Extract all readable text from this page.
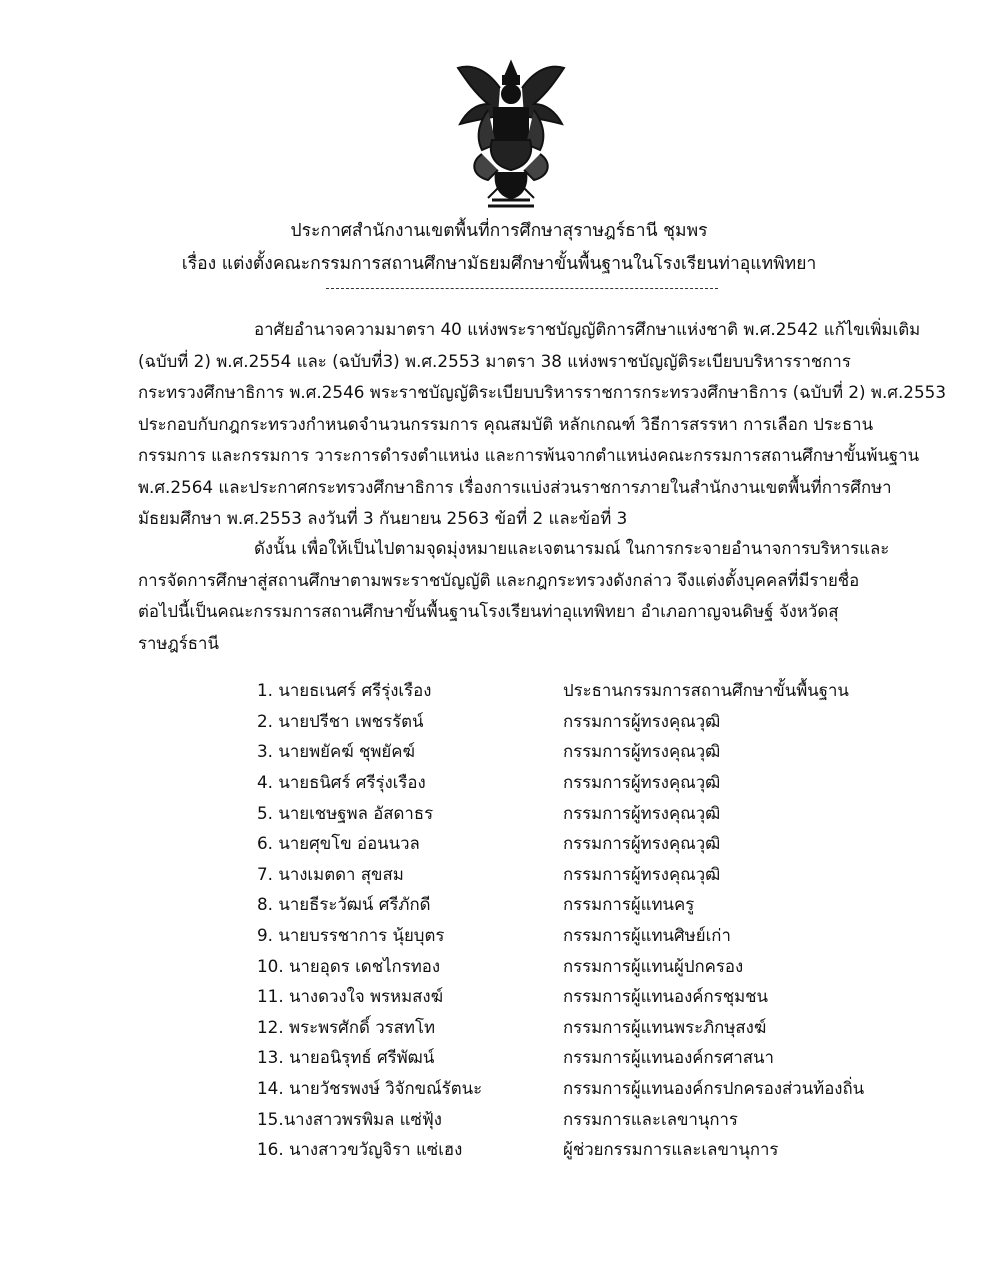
ประกาศสำนักงานเขตพื้นที่การศึกษาสุราษฎร์ธานี ชุมพร
เรื่อง แต่งตั้งคณะกรรมการสถานศึกษามัธยมศึกษาขั้นพื้นฐานในโรงเรียนท่าอุแทพิทยา

อาศัยอำนาจความมาตรา 40 แห่งพระราชบัญญัติการศึกษาแห่งชาติ พ.ศ.2542 แก้ไขเพิ่มเติม
(ฉบับที่ 2) พ.ศ.2554 และ (ฉบับที่3) พ.ศ.2553 มาตรา 38 แห่งพราชบัญญัติระเบียบบริหารราชการ
กระทรวงศึกษาธิการ พ.ศ.2546 พระราชบัญญัติระเบียบบริหารราชการกระทรวงศึกษาธิการ (ฉบับที่ 2) พ.ศ.2553
ประกอบกับกฎกระทรวงกำหนดจำนวนกรรมการ คุณสมบัติ หลักเกณฑ์ วิธีการสรรหา การเลือก ประธาน
กรรมการ และกรรมการ วาระการดำรงตำแหน่ง และการพ้นจากตำแหน่งคณะกรรมการสถานศึกษาขั้นพ้นฐาน
พ.ศ.2564 และประกาศกระทรวงศึกษาธิการ เรื่องการแบ่งส่วนราชการภายในสำนักงานเขตพื้นที่การศึกษา
มัธยมศึกษา พ.ศ.2553 ลงวันที่ 3 กันยายน 2563 ข้อที่ 2 และข้อที่ 3

ดังนั้น เพื่อให้เป็นไปตามจุดมุ่งหมายและเจตนารมณ์ ในการกระจายอำนาจการบริหารและ
การจัดการศึกษาสู่สถานศึกษาตามพระราชบัญญัติ และกฎกระทรวงดังกล่าว จึงแต่งตั้งบุคคลที่มีรายชื่อ
ต่อไปนี้เป็นคณะกรรมการสถานศึกษาขั้นพื้นฐานโรงเรียนท่าอุแทพิทยา อำเภอกาญจนดิษฐ์ จังหวัดสุ
ราษฎร์ธานี

1. นายธเนศร์ ศรีรุ่งเรือง	ประธานกรรมการสถานศึกษาขั้นพื้นฐาน
2. นายปรีชา เพชรรัตน์	กรรมการผู้ทรงคุณวุฒิ
3. นายพยัคฆ์ ชุพยัคฆ์	กรรมการผู้ทรงคุณวุฒิ
4. นายธนิศร์ ศรีรุ่งเรือง	กรรมการผู้ทรงคุณวุฒิ
5. นายเชษฐพล อัสดาธร	กรรมการผู้ทรงคุณวุฒิ
6. นายศุขโข อ่อนนวล	กรรมการผู้ทรงคุณวุฒิ
7. นางเมตดา สุขสม	กรรมการผู้ทรงคุณวุฒิ
8. นายธีระวัฒน์ ศรีภักดี	กรรมการผู้แทนครู
9. นายบรรชาการ นุ้ยบุตร	กรรมการผู้แทนศิษย์เก่า
10. นายอุดร เดชไกรทอง	กรรมการผู้แทนผู้ปกครอง
11. นางดวงใจ พรหมสงฆ์	กรรมการผู้แทนองค์กรชุมชน
12. พระพรศักดิ์ วรสทโท	กรรมการผู้แทนพระภิกษุสงฆ์
13. นายอนิรุทธ์ ศรีพัฒน์	กรรมการผู้แทนองค์กรศาสนา
14. นายวัชรพงษ์ วิจักขณ์รัตนะ	กรรมการผู้แทนองค์กรปกครองส่วนท้องถิ่น
15.นางสาวพรพิมล แซ่ฟุ้ง	กรรมการและเลขานุการ
16. นางสาวขวัญจิรา แซ่เฮง	ผู้ช่วยกรรมการและเลขานุการ
